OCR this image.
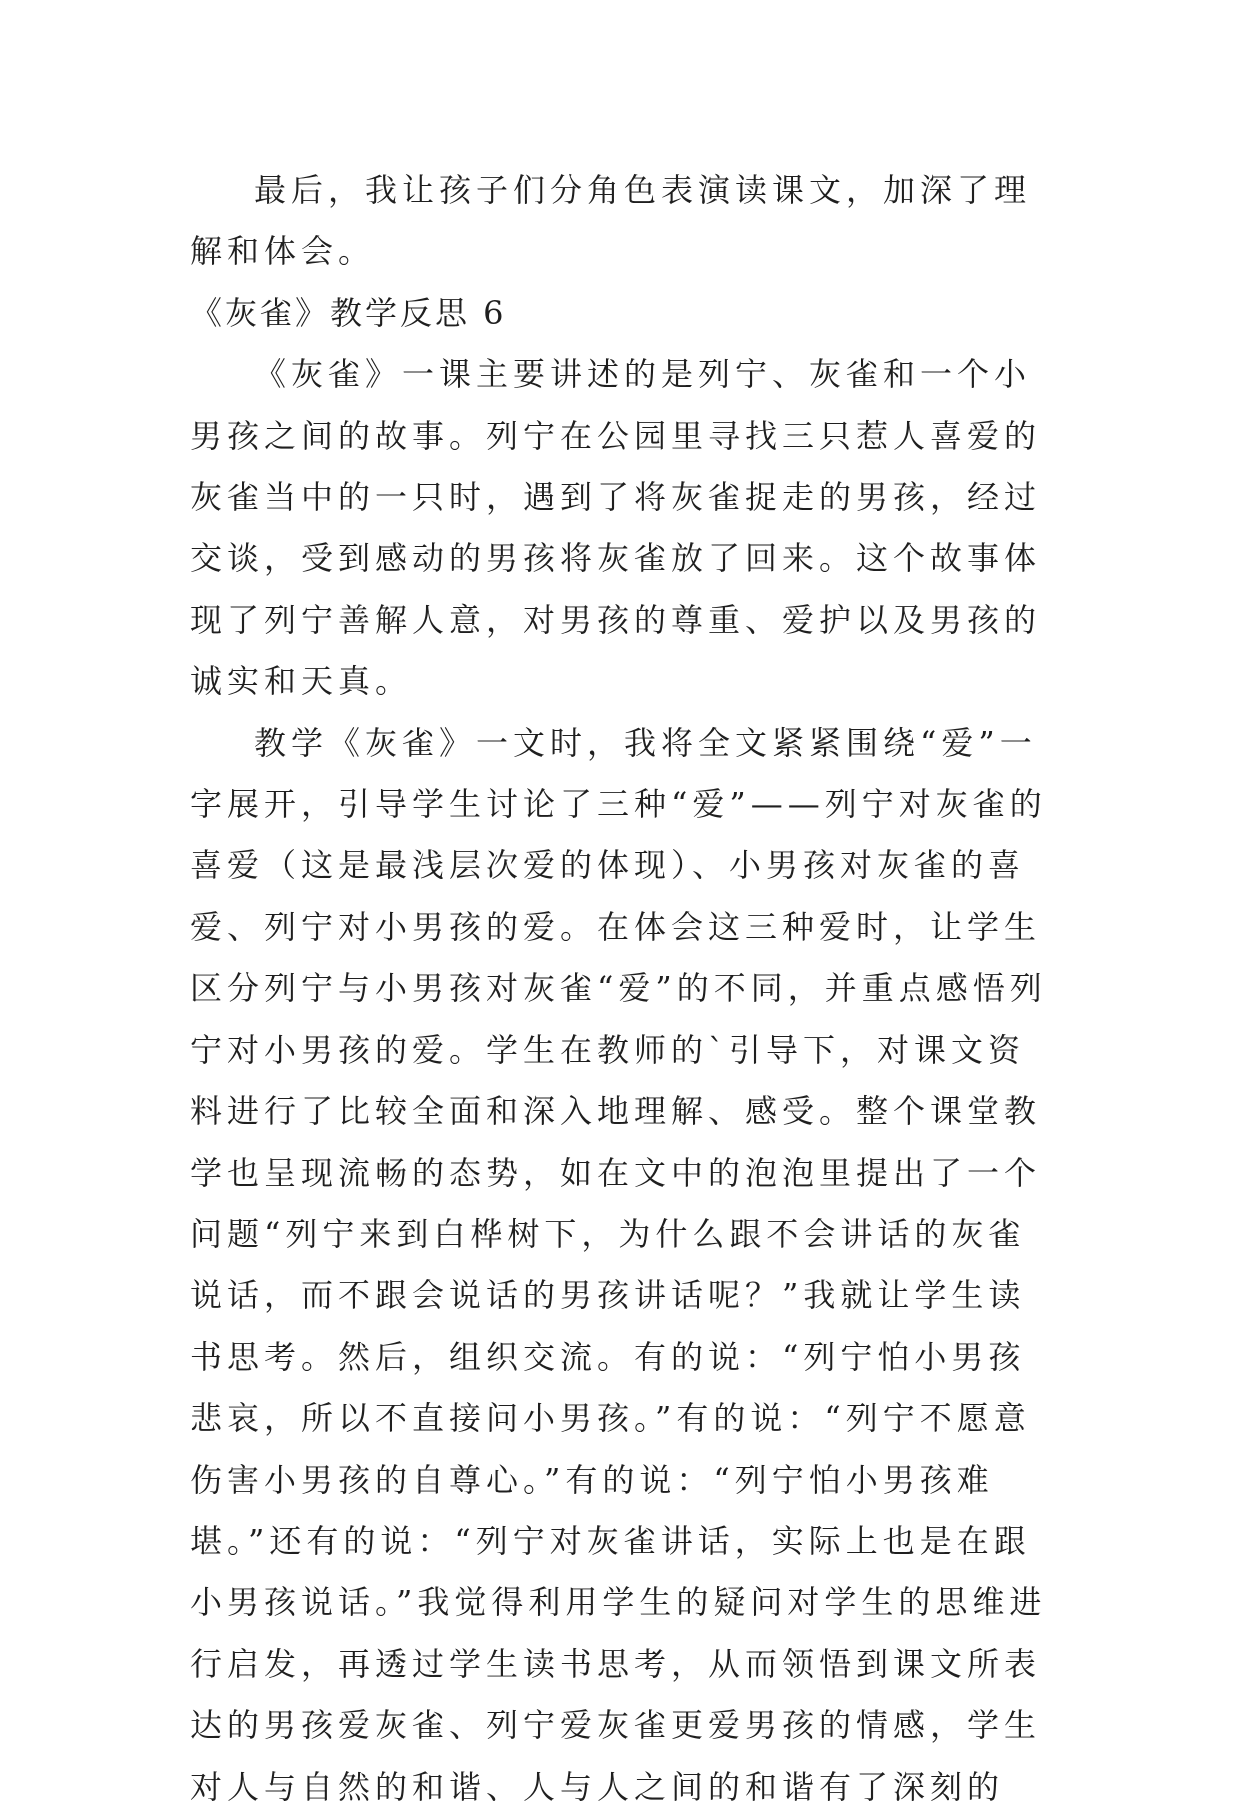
最后，我让孩子们分角色表演读课文，加深了理解和体会。

《灰雀》教学反思 6

《灰雀》一课主要讲述的是列宁、灰雀和一个小男孩之间的故事。列宁在公园里寻找三只惹人喜爱的灰雀当中的一只时，遇到了将灰雀捉走的男孩，经过交谈，受到感动的男孩将灰雀放了回来。这个故事体现了列宁善解人意，对男孩的尊重、爱护以及男孩的诚实和天真。

教学《灰雀》一文时，我将全文紧紧围绕“爱”一字展开，引导学生讨论了三种“爱”——列宁对灰雀的喜爱（这是最浅层次爱的体现）、小男孩对灰雀的喜爱、列宁对小男孩的爱。在体会这三种爱时，让学生区分列宁与小男孩对灰雀“爱”的不同，并重点感悟列宁对小男孩的爱。学生在教师的`引导下，对课文资料进行了比较全面和深入地理解、感受。整个课堂教学也呈现流畅的态势，如在文中的泡泡里提出了一个问题“列宁来到白桦树下，为什么跟不会讲话的灰雀说话，而不跟会说话的男孩讲话呢？”我就让学生读书思考。然后，组织交流。有的说：“列宁怕小男孩悲哀，所以不直接问小男孩。”有的说：“列宁不愿意伤害小男孩的自尊心。”有的说：“列宁怕小男孩难堪。”还有的说：“列宁对灰雀讲话，实际上也是在跟小男孩说话。”我觉得利用学生的疑问对学生的思维进行启发，再透过学生读书思考，从而领悟到课文所表达的男孩爱灰雀、列宁爱灰雀更爱男孩的情感，学生对人与自然的和谐、人与人之间的和谐有了深刻的
